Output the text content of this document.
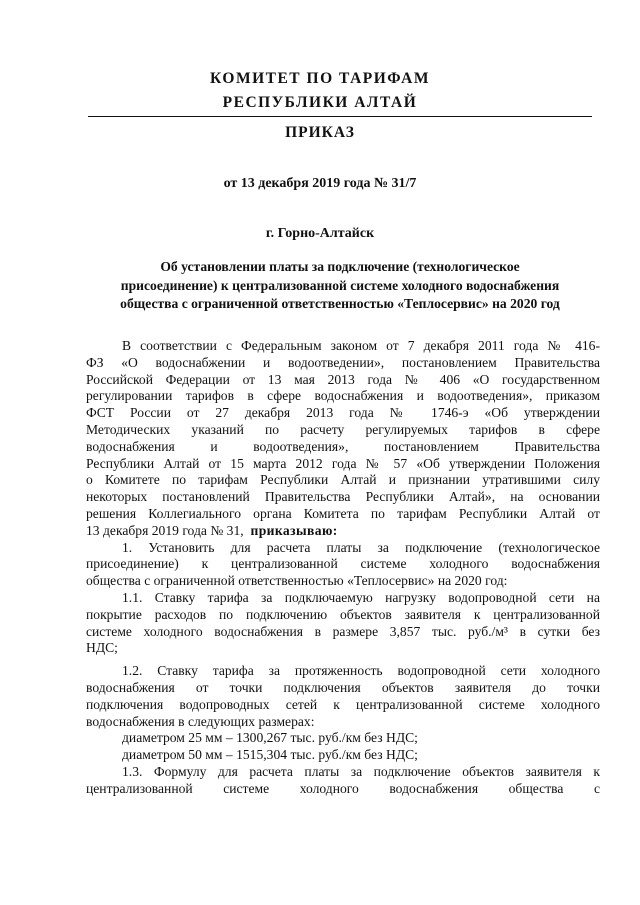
КОМИТЕТ ПО ТАРИФАМ
РЕСПУБЛИКИ АЛТАЙ
ПРИКАЗ
от 13 декабря 2019 года № 31/7
г. Горно-Алтайск
Об установлении платы за подключение (технологическое
присоединение) к централизованной системе холодного водоснабжения
общества с ограниченной ответственностью «Теплосервис» на 2020 год
В соответствии с Федеральным законом от 7 декабря 2011 года № 416-
ФЗ «О водоснабжении и водоотведении», постановлением Правительства
Российской Федерации от 13 мая 2013 года № 406 «О государственном
регулировании тарифов в сфере водоснабжения и водоотведения», приказом
ФСТ России от 27 декабря 2013 года № 1746-э «Об утверждении
Методических указаний по расчету регулируемых тарифов в сфере
водоснабжения и водоотведения», постановлением Правительства
Республики Алтай от 15 марта 2012 года № 57 «Об утверждении Положения
о Комитете по тарифам Республики Алтай и признании утратившими силу
некоторых постановлений Правительства Республики Алтай», на основании
решения Коллегиального органа Комитета по тарифам Республики Алтай от
13 декабря 2019 года № 31, приказываю:
1. Установить для расчета платы за подключение (технологическое
присоединение) к централизованной системе холодного водоснабжения
общества с ограниченной ответственностью «Теплосервис» на 2020 год:
1.1. Ставку тарифа за подключаемую нагрузку водопроводной сети на
покрытие расходов по подключению объектов заявителя к централизованной
системе холодного водоснабжения в размере 3,857 тыс. руб./м³ в сутки без
НДС;
1.2. Ставку тарифа за протяженность водопроводной сети холодного
водоснабжения от точки подключения объектов заявителя до точки
подключения водопроводных сетей к централизованной системе холодного
водоснабжения в следующих размерах:
диаметром 25 мм – 1300,267 тыс. руб./км без НДС;
диаметром 50 мм – 1515,304 тыс. руб./км без НДС;
1.3. Формулу для расчета платы за подключение объектов заявителя к
централизованной системе холодного водоснабжения общества с
